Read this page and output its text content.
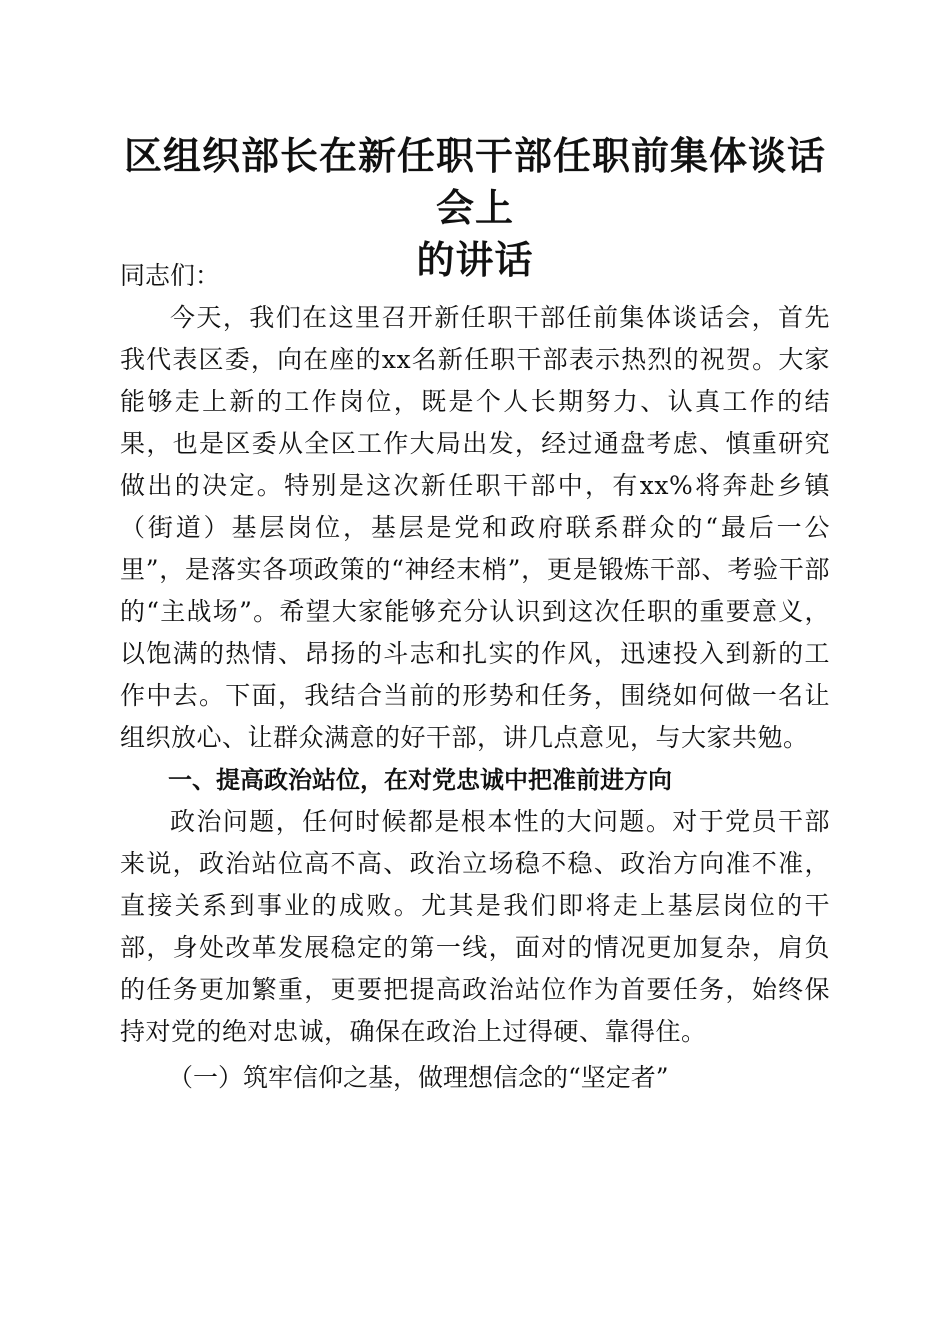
区组织部长在新任职干部任职前集体谈话会上
的讲话

同志们：

今天，我们在这里召开新任职干部任前集体谈话会，首先我代表区委，向在座的xx名新任职干部表示热烈的祝贺。大家能够走上新的工作岗位，既是个人长期努力、认真工作的结果，也是区委从全区工作大局出发，经过通盘考虑、慎重研究做出的决定。特别是这次新任职干部中，有xx%将奔赴乡镇（街道）基层岗位，基层是党和政府联系群众的“最后一公里”，是落实各项政策的“神经末梢”，更是锻炼干部、考验干部的“主战场”。希望大家能够充分认识到这次任职的重要意义，以饱满的热情、昂扬的斗志和扎实的作风，迅速投入到新的工作中去。下面，我结合当前的形势和任务，围绕如何做一名让组织放心、让群众满意的好干部，讲几点意见，与大家共勉。

一、提高政治站位，在对党忠诚中把准前进方向

政治问题，任何时候都是根本性的大问题。对于党员干部来说，政治站位高不高、政治立场稳不稳、政治方向准不准，直接关系到事业的成败。尤其是我们即将走上基层岗位的干部，身处改革发展稳定的第一线，面对的情况更加复杂，肩负的任务更加繁重，更要把提高政治站位作为首要任务，始终保持对党的绝对忠诚，确保在政治上过得硬、靠得住。

（一）筑牢信仰之基，做理想信念的“坚定者”
